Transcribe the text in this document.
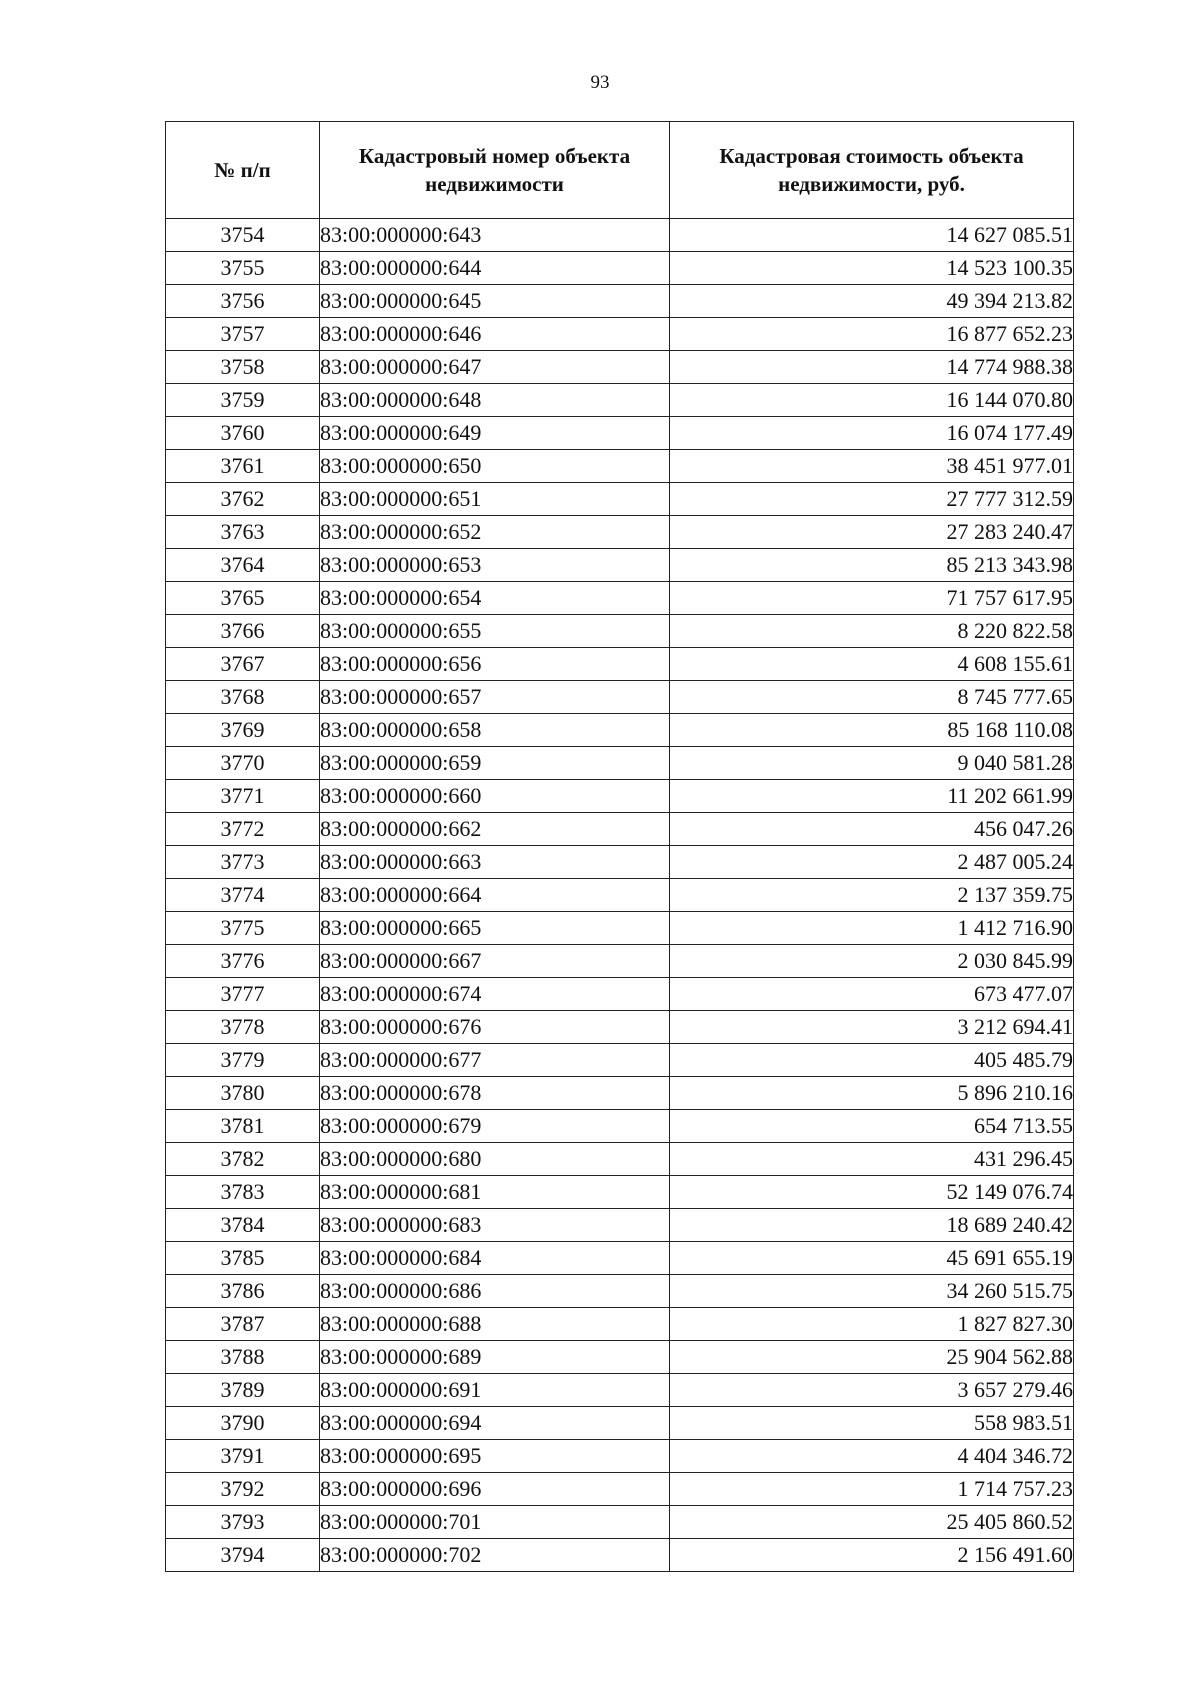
93
№ п/п	Кадастровый номер объекта недвижимости	Кадастровая стоимость объекта недвижимости, руб.
3754	83:00:000000:643	14 627 085.51
3755	83:00:000000:644	14 523 100.35
3756	83:00:000000:645	49 394 213.82
3757	83:00:000000:646	16 877 652.23
3758	83:00:000000:647	14 774 988.38
3759	83:00:000000:648	16 144 070.80
3760	83:00:000000:649	16 074 177.49
3761	83:00:000000:650	38 451 977.01
3762	83:00:000000:651	27 777 312.59
3763	83:00:000000:652	27 283 240.47
3764	83:00:000000:653	85 213 343.98
3765	83:00:000000:654	71 757 617.95
3766	83:00:000000:655	8 220 822.58
3767	83:00:000000:656	4 608 155.61
3768	83:00:000000:657	8 745 777.65
3769	83:00:000000:658	85 168 110.08
3770	83:00:000000:659	9 040 581.28
3771	83:00:000000:660	11 202 661.99
3772	83:00:000000:662	456 047.26
3773	83:00:000000:663	2 487 005.24
3774	83:00:000000:664	2 137 359.75
3775	83:00:000000:665	1 412 716.90
3776	83:00:000000:667	2 030 845.99
3777	83:00:000000:674	673 477.07
3778	83:00:000000:676	3 212 694.41
3779	83:00:000000:677	405 485.79
3780	83:00:000000:678	5 896 210.16
3781	83:00:000000:679	654 713.55
3782	83:00:000000:680	431 296.45
3783	83:00:000000:681	52 149 076.74
3784	83:00:000000:683	18 689 240.42
3785	83:00:000000:684	45 691 655.19
3786	83:00:000000:686	34 260 515.75
3787	83:00:000000:688	1 827 827.30
3788	83:00:000000:689	25 904 562.88
3789	83:00:000000:691	3 657 279.46
3790	83:00:000000:694	558 983.51
3791	83:00:000000:695	4 404 346.72
3792	83:00:000000:696	1 714 757.23
3793	83:00:000000:701	25 405 860.52
3794	83:00:000000:702	2 156 491.60
